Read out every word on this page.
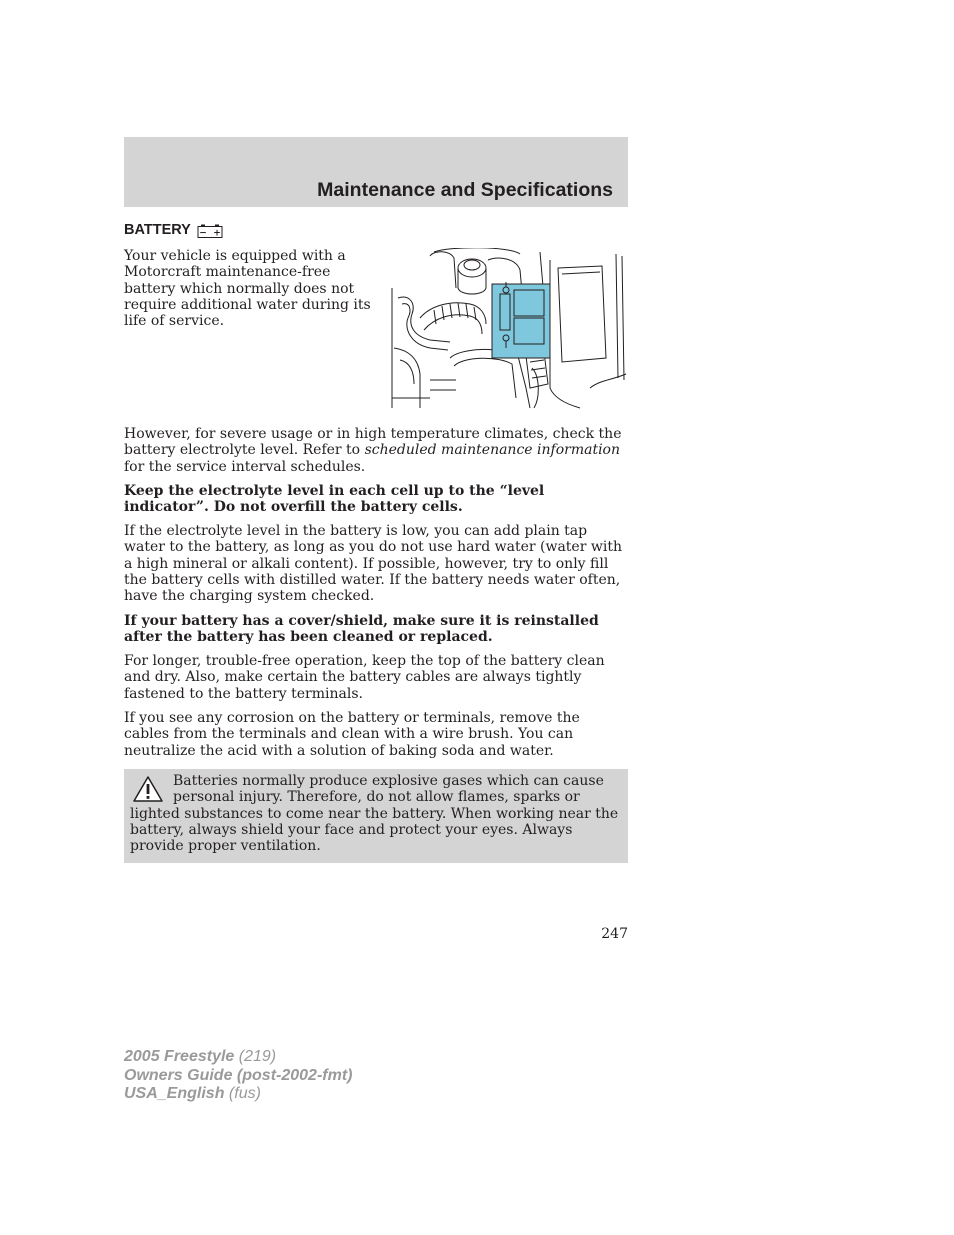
Maintenance and Specifications
BATTERY − +
Your vehicle is equipped with a Motorcraft maintenance-free battery which normally does not require additional water during its life of service.

However, for severe usage or in high temperature climates, check the battery electrolyte level. Refer to scheduled maintenance information for the service interval schedules.

Keep the electrolyte level in each cell up to the “level indicator”. Do not overfill the battery cells.

If the electrolyte level in the battery is low, you can add plain tap water to the battery, as long as you do not use hard water (water with a high mineral or alkali content). If possible, however, try to only fill the battery cells with distilled water. If the battery needs water often, have the charging system checked.

If your battery has a cover/shield, make sure it is reinstalled after the battery has been cleaned or replaced.

For longer, trouble-free operation, keep the top of the battery clean and dry. Also, make certain the battery cables are always tightly fastened to the battery terminals.

If you see any corrosion on the battery or terminals, remove the cables from the terminals and clean with a wire brush. You can neutralize the acid with a solution of baking soda and water.

Batteries normally produce explosive gases which can cause personal injury. Therefore, do not allow flames, sparks or lighted substances to come near the battery. When working near the battery, always shield your face and protect your eyes. Always provide proper ventilation.
247
2005 Freestyle (219)
Owners Guide (post-2002-fmt)
USA_English (fus)
